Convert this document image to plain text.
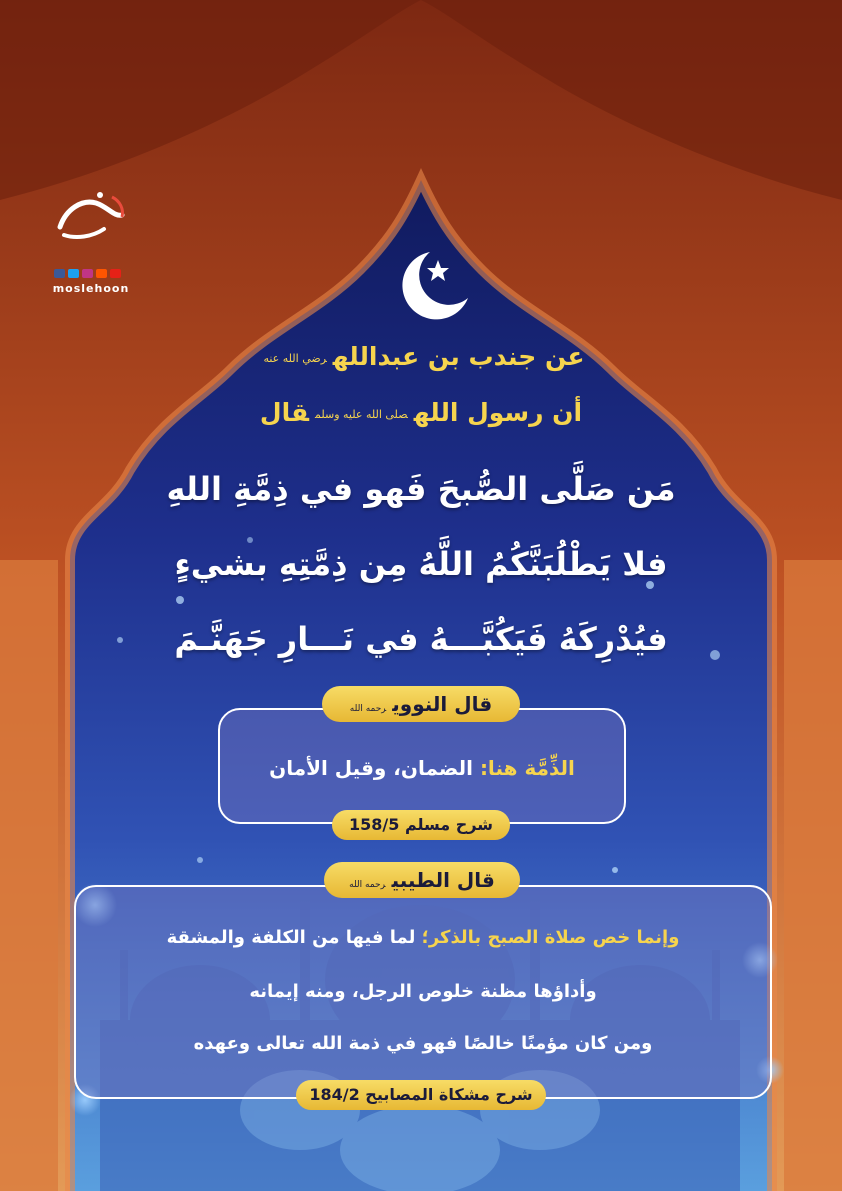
moslehoon
عن جندب بن عبداللهرضي الله عنه
أن رسول اللهصلى الله عليه وسلمقال
مَن صَلَّى الصُّبحَ فَهو في ذِمَّةِ اللهِ
فلا يَطْلُبَنَّكُمُ اللَّهُ مِن ذِمَّتِهِ بشيءٍ
فيُدْرِكَهُ فَيَكُبَّـــهُ في نَـــارِ جَهَنَّـمَ
الذِّمَّة هنا: الضمان، وقيل الأمان
قال النوويرحمه الله
شرح مسلم 158/5
وإنما خص صلاة الصبح بالذكر؛ لما فيها من الكلفة والمشقة
وأداؤها مظنة خلوص الرجل، ومنه إيمانه
ومن كان مؤمنًا خالصًا فهو في ذمة الله تعالى وعهده
قال الطيبيرحمه الله
شرح مشكاة المصابيح 184/2
